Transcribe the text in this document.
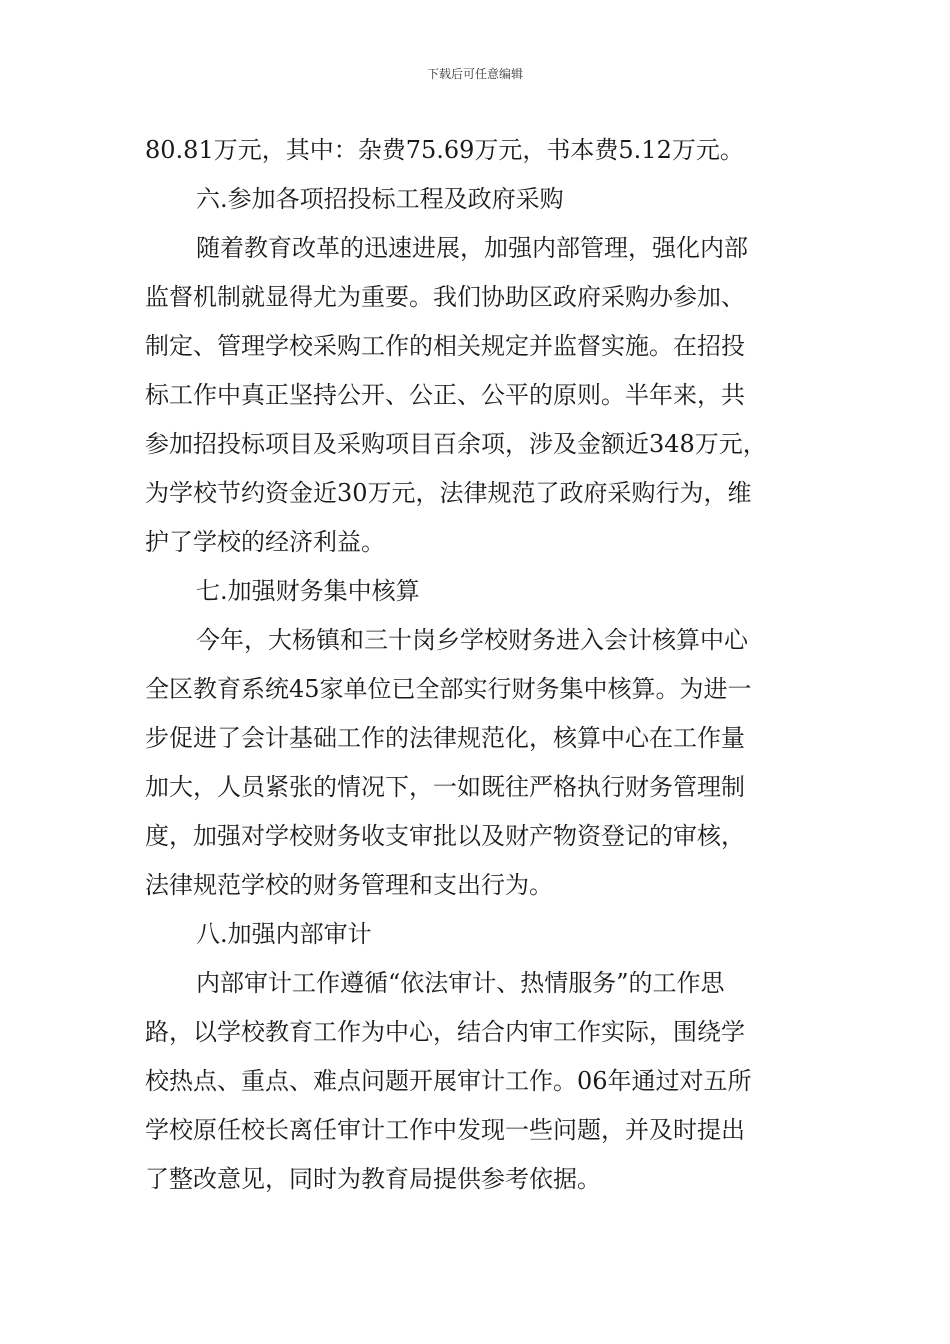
下载后可任意编辑
80.81万元，其中：杂费75.69万元，书本费5.12万元。
六.参加各项招投标工程及政府采购
随着教育改革的迅速进展，加强内部管理，强化内部
监督机制就显得尤为重要。我们协助区政府采购办参加、
制定、管理学校采购工作的相关规定并监督实施。在招投
标工作中真正坚持公开、公正、公平的原则。半年来，共
参加招投标项目及采购项目百余项，涉及金额近348万元，
为学校节约资金近30万元，法律规范了政府采购行为，维
护了学校的经济利益。
七.加强财务集中核算
今年，大杨镇和三十岗乡学校财务进入会计核算中心
全区教育系统45家单位已全部实行财务集中核算。为进一
步促进了会计基础工作的法律规范化，核算中心在工作量
加大，人员紧张的情况下，一如既往严格执行财务管理制
度，加强对学校财务收支审批以及财产物资登记的审核，
法律规范学校的财务管理和支出行为。
八.加强内部审计
内部审计工作遵循“依法审计、热情服务”的工作思
路，以学校教育工作为中心，结合内审工作实际，围绕学
校热点、重点、难点问题开展审计工作。06年通过对五所
学校原任校长离任审计工作中发现一些问题，并及时提出
了整改意见，同时为教育局提供参考依据。
